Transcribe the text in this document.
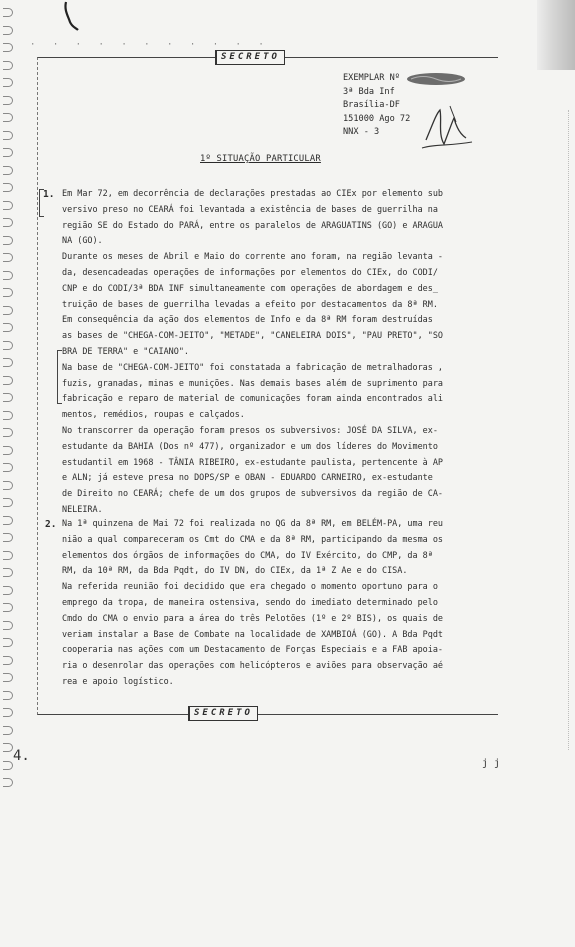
· · · · · · · · · · ·
SECRETO
EXEMPLAR Nº
3ª Bda Inf
Brasília-DF
151000 Ago 72
NNX - 3
1º SITUAÇÃO PARTICULAR
1. Em Mar 72, em decorrência de declarações prestadas ao CIEx por elemento sub
versivo preso no CEARÁ foi levantada a existência de bases de guerrilha na
região SE do Estado do PARÁ, entre os paralelos de ARAGUATINS (GO) e ARAGUA
NA (GO).
Durante os meses de Abril e Maio do corrente ano foram, na região levanta -
da, desencadeadas operações de informações por elementos do CIEx, do CODI/
CNP e do CODI/3ª BDA INF simultaneamente com operações de abordagem e des_
truição de bases de guerrilha levadas a efeito por destacamentos da 8ª RM.
Em consequência da ação dos elementos de Info e da 8ª RM foram destruídas
as bases de "CHEGA-COM-JEITO", "METADE", "CANELEIRA DOIS", "PAU PRETO", "SO
BRA DE TERRA" e "CAIANO".
Na base de "CHEGA-COM-JEITO" foi constatada a fabricação de metralhadoras ,
fuzis, granadas, minas e munições. Nas demais bases além de suprimento para
fabricação e reparo de material de comunicações foram ainda encontrados ali
mentos, remédios, roupas e calçados.
No transcorrer da operação foram presos os subversivos: JOSÉ DA SILVA, ex-
estudante da BAHIA (Dos nº 477), organizador e um dos líderes do Movimento
estudantil em 1968 - TÂNIA RIBEIRO, ex-estudante paulista, pertencente à AP
e ALN; já esteve presa no DOPS/SP e OBAN - EDUARDO CARNEIRO, ex-estudante
de Direito no CEARÁ; chefe de um dos grupos de subversivos da região de CA-
NELEIRA.
2. Na 1ª quinzena de Mai 72 foi realizada no QG da 8ª RM, em BELÉM-PA, uma reu
nião a qual compareceram os Cmt do CMA e da 8ª RM, participando da mesma os
elementos dos órgãos de informações do CMA, do IV Exército, do CMP, da 8ª
RM, da 10ª RM, da Bda Pqdt, do IV DN, do CIEx, da 1ª Z Ae e do CISA.
Na referida reunião foi decidido que era chegado o momento oportuno para o
emprego da tropa, de maneira ostensiva, sendo do imediato determinado pelo
Cmdo do CMA o envio para a área do três Pelotões (1º e 2º BIS), os quais de
veriam instalar a Base de Combate na localidade de XAMBIOÁ (GO). A Bda Pqdt
cooperaria nas ações com um Destacamento de Forças Especiais e a FAB apoia-
ria o desenrolar das operações com helicópteros e aviões para observação aé
rea e apoio logístico.
SECRETO
4.	j j
